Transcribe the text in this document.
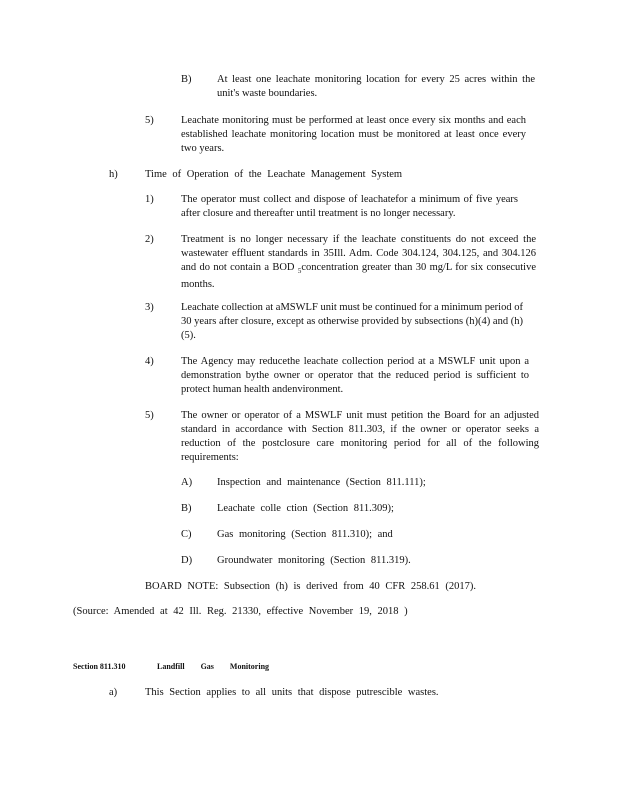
B) At least one leachate monitoring location for every 25 acres within the unit's waste boundaries.
5)	Leachate monitoring must be performed at least once every six months and each established leachate monitoring location must be monitored at least once every two years.
h)	Time of Operation of the Leachate Management System
1)	The operator must collect and dispose of leachatefor a minimum of five years after closure and thereafter until treatment is no longer necessary.
2)	Treatment is no longer necessary if the leachate constituents do not exceed the wastewater effluent standards in 35Ill. Adm. Code 304.124, 304.125, and 304.126 and do not contain a BOD $_5$concentration greater than 30 mg/L for six consecutive months.
3)	Leachate collection at aMSWLF unit must be continued for a minimum period of 30 years after closure, except as otherwise provided by subsections (h)(4) and (h)(5).
4)	The Agency may reducethe leachate collection period at a MSWLF unit upon a demonstration bythe owner or operator that the reduced period is sufficient to protect human health andenvironment.
5)	The owner or operator of a MSWLF unit must petition the Board for an adjusted standard in accordance with Section 811.303, if the owner or operator seeks a reduction of the postclosure care monitoring period for all of the following requirements:
A) Inspection and maintenance (Section 811.111);
B) Leachate colle ction (Section 811.309);
C) Gas monitoring (Section 811.310); and
D) Groundwater monitoring (Section 811.319).
BOARD NOTE: Subsection (h) is derived from 40 CFR 258.61 (2017).
(Source: Amended at 42 Ill. Reg. 21330, effective November 19, 2018 )
Section 811.310	Landfill Gas Monitoring
a)	This Section applies to all units that dispose putrescible wastes.
